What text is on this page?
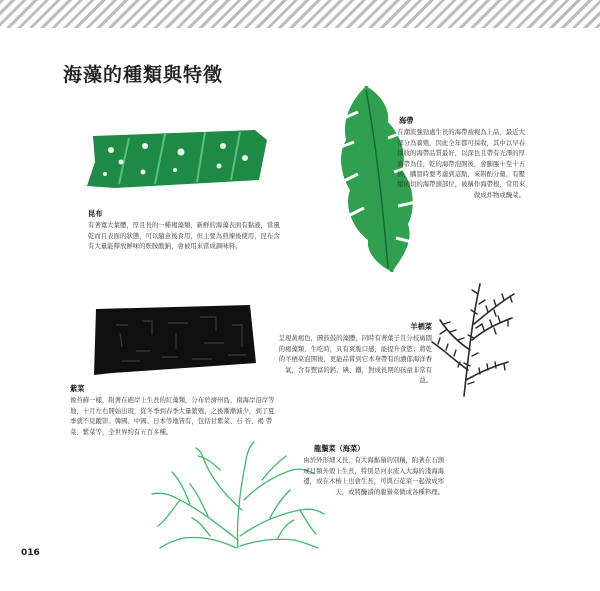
海藻的種類與特徵
昆布
有著寬大葉體，厚且長的一種褐藻類，新鮮的海藻表面有黏液，當風乾而且表面的狀態，可以隨意後食用，但主要為煎煉後使用，昆布含有大量能釋放鮮味的麩胺酸鈉，會被用來當成調味料。
海帶
在潮流強勁處生長的海帶被視為上品，最近大部分為養殖，因此全年都可採收，其中以早春採收的海帶品質最好，以深色且帶有光澤的厚海帶為佳，乾的海帶泡開後，會膨脹十至十五倍，購買時要考慮到這點，來斟酌分量，有壓縮的切的海帶頭部位，被稱作海帶根，常用來做成炸物或醃菜。
紫菜
像苔蘚一樣，附著在礁岸上生長的紅藻類，分布於濟州島、南海岸沿岸等地，十月左右開始出現，從冬季到春季大量繁殖，之後漸漸減少，到了夏季就不見蹤影。韓國、中國、日本等地皆有，包括甘紫菜、石 苔、褐 帶菜、紫菜等，全世界約有五百多種。
羊栖菜
呈現黃褐色，圓鼓鼓的藻體，同時有著葉子且分枝廣闊的褐藻類，生吃時，具有爽脆口感，能提升食慾；將乾的羊栖菜泡開後，更能品嘗到它本身帶有的濃郁海洋香氣，含有豐富的鈣、碘、鐵，對成長期的孩童非常有益。
龍鬚菜（海菜）
由於外形細又長，有大海鬍鬚的別稱，附著在石頭或貝類外殼上生長，特別是河水流入大海的淺海海邊，或在木樁上也會生長，可與石花菜一起做成寒天，或將醃漬的龍鬚菜做成各種料理。
016
